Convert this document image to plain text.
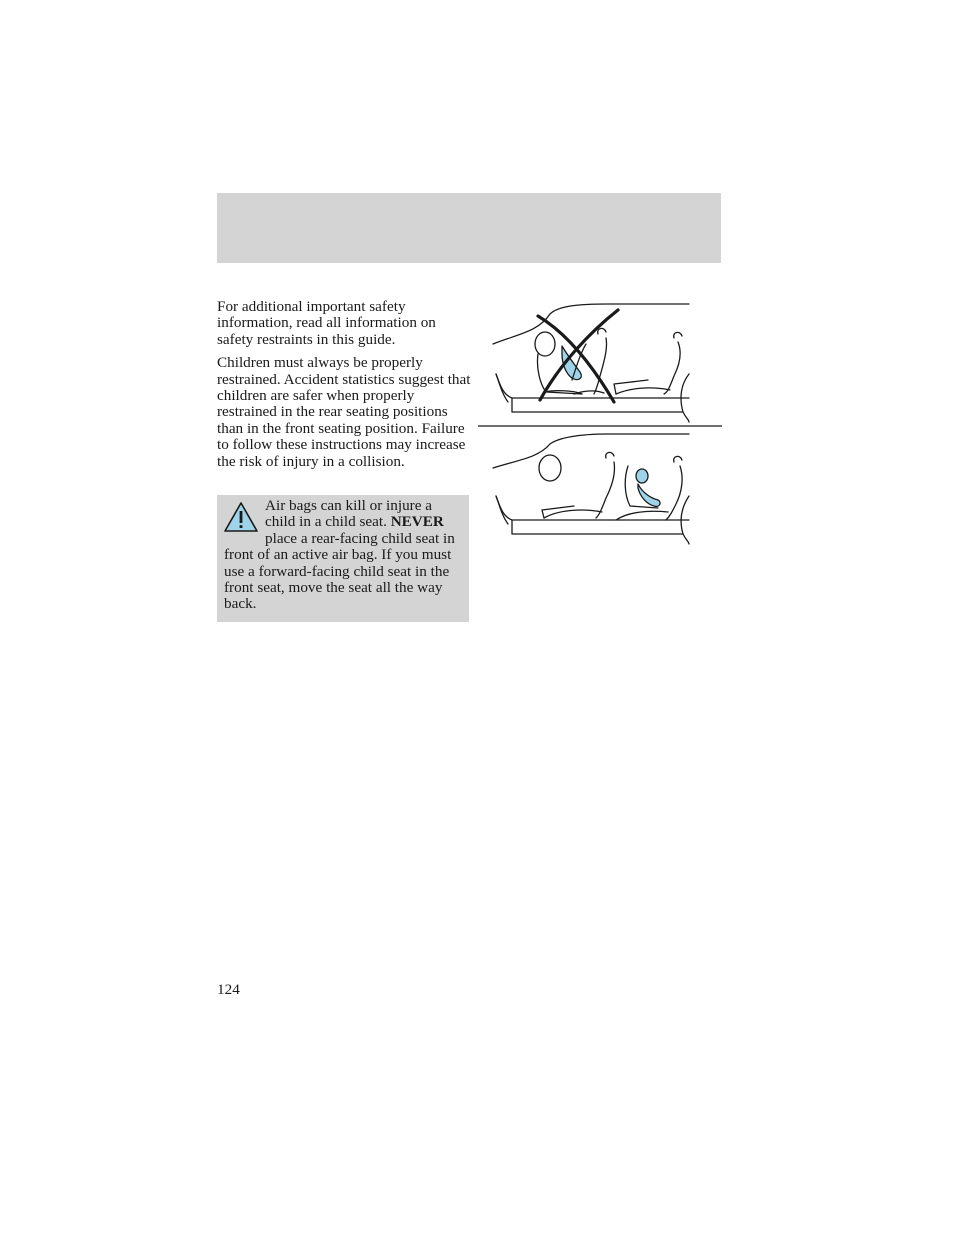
For additional important safety information, read all information on safety restraints in this guide.

Children must always be properly restrained. Accident statistics suggest that children are safer when properly restrained in the rear seating positions than in the front seating position. Failure to follow these instructions may increase the risk of injury in a collision.

Air bags can kill or injure a child in a child seat. NEVER place a rear-facing child seat in front of an active air bag. If you must use a forward-facing child seat in the front seat, move the seat all the way back.
124
